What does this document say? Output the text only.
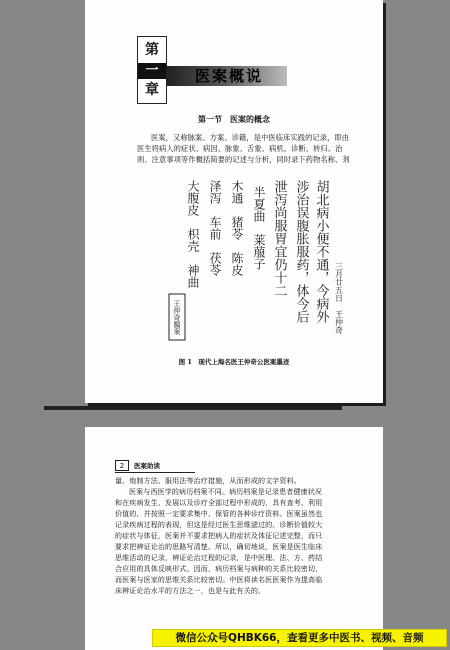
第
一
章
医案概说
第一节　医案的概念

医案，又称脉案、方案、诊籍，是中医临床实践的记录，即由医生将病人的症状、病因、脉象、舌象、病机、诊断、转归、治则、注意事项等作概括简要的记述与分析，同时录下药物名称、剂

胡北病小便不通，今病外
涉治误腹胀服药，体今后
泄泻尚服胃宜仍十二
半夏曲　莱菔子
木通　猪苓　陈皮
泽泻　车前　茯苓
大腹皮　枳壳　神曲
三月廿五日　王仲奇
王仲奇醫案
图 1　现代上海名医王仲奇公医案墨迹
2	医案助读

量、炮制方法、服用法等治疗措施，从而形成的文字资料。

医案与西医学的病历档案不同。病历档案是记录患者健康状况和在疾病发生、发展以及诊疗全部过程中形成的，具有查考、利用价值的，并按照一定要求集中、保管的各种诊疗资料。医案虽然也记录疾病过程的表现，但这是经过医生思维滤过的、诊断价值较大的症状与体征，医案并不要求把病人的症状及体征记述完整，而只要求把辨证论治的思路写清楚。所以，确切地说，医案是医生临床思维活动的记录，辨证论治过程的记录，是中医理、法、方、药结合应用的具体反映形式。因而，病历档案与病种的关系比较密切，而医案与医家的思维关系比较密切。中医将读名医医案作为提高临床辨证论治水平的方法之一，也是与此有关的。

微信公众号QHBK66，查看更多中医书、视频、音频
